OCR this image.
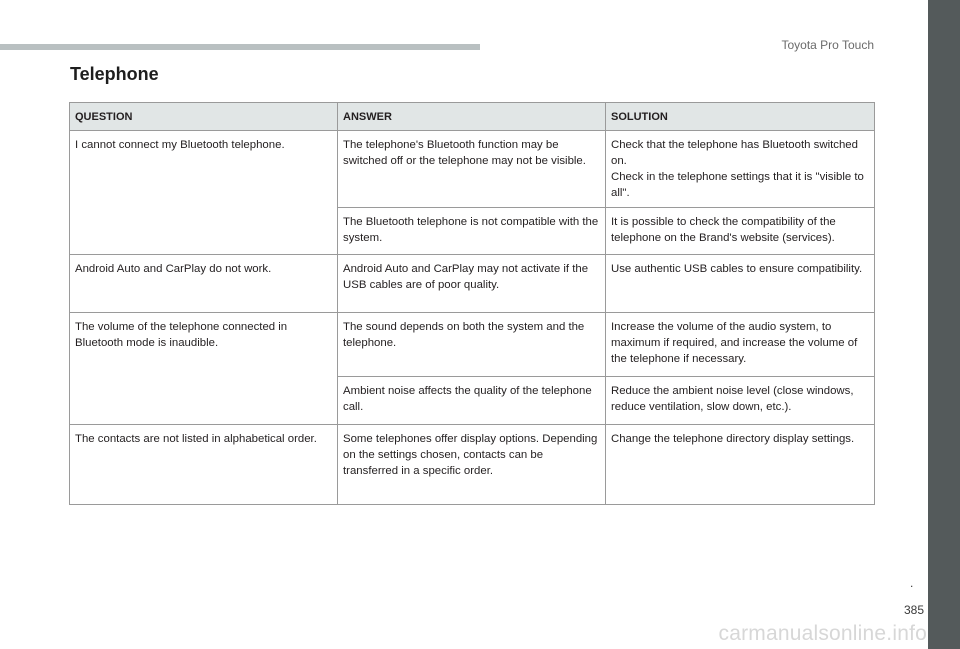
Toyota Pro Touch
Telephone
QUESTION	ANSWER	SOLUTION
I cannot connect my Bluetooth telephone.	The telephone's Bluetooth function may be switched off or the telephone may not be visible.	Check that the telephone has Bluetooth switched on.
Check in the telephone settings that it is "visible to all".

	The Bluetooth telephone is not compatible with the system.	It is possible to check the compatibility of the telephone on the Brand's website (services).

Android Auto and CarPlay do not work.	Android Auto and CarPlay may not activate if the USB cables are of poor quality.	Use authentic USB cables to ensure compatibility.

The volume of the telephone connected in Bluetooth mode is inaudible.	The sound depends on both the system and the telephone.	Increase the volume of the audio system, to maximum if required, and increase the volume of the telephone if necessary.

	Ambient noise affects the quality of the telephone call.	Reduce the ambient noise level (close windows, reduce ventilation, slow down, etc.).

The contacts are not listed in alphabetical order.	Some telephones offer display options. Depending on the settings chosen, contacts can be transferred in a specific order.	Change the telephone directory display settings.
.
385
carmanualsonline.info
